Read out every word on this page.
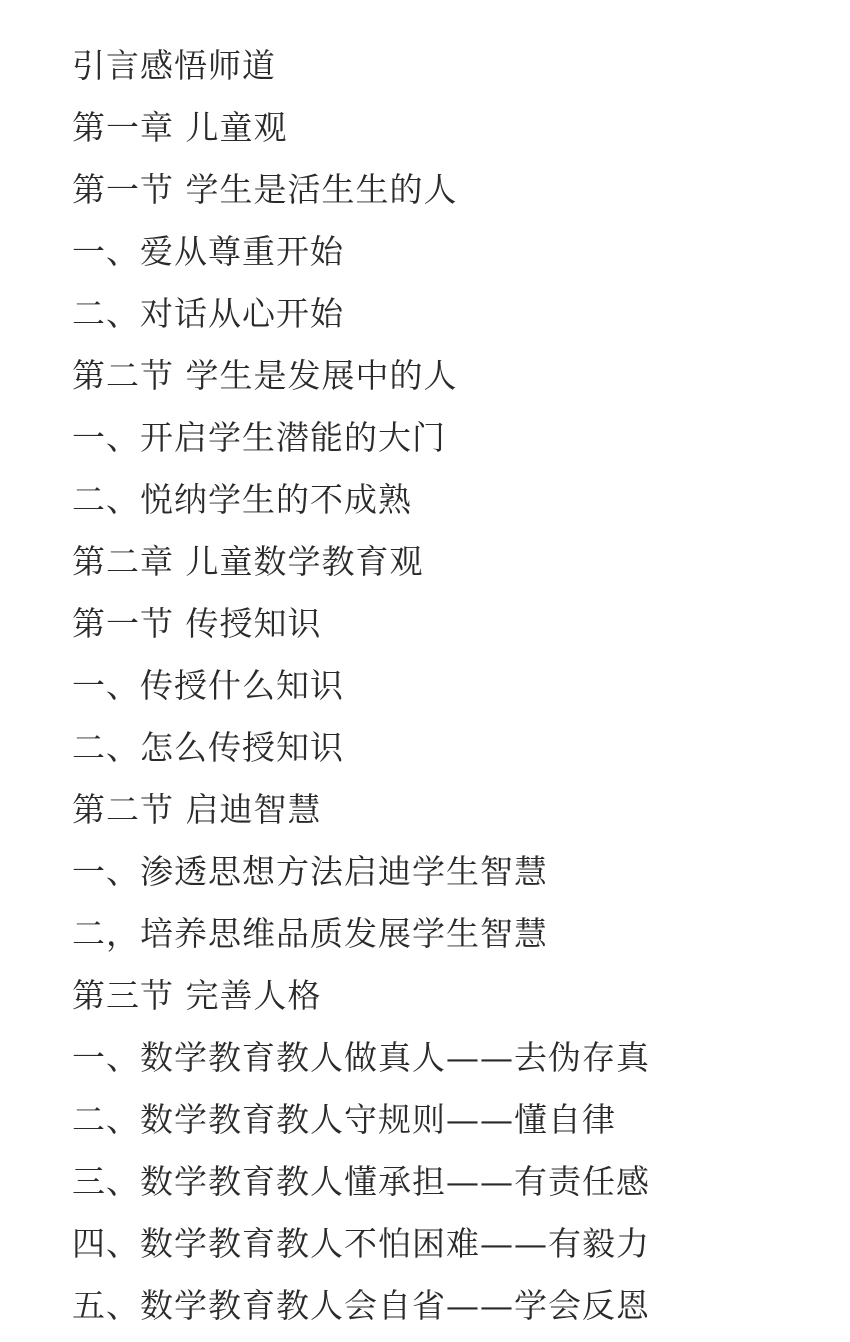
引言感悟师道
第一章 儿童观
第一节 学生是活生生的人
一、爱从尊重开始
二、对话从心开始
第二节 学生是发展中的人
一、开启学生潜能的大门
二、悦纳学生的不成熟
第二章 儿童数学教育观
第一节 传授知识
一、传授什么知识
二、怎么传授知识
第二节 启迪智慧
一、渗透思想方法启迪学生智慧
二，培养思维品质发展学生智慧
第三节 完善人格
一、数学教育教人做真人——去伪存真
二、数学教育教人守规则——懂自律
三、数学教育教人懂承担——有责任感
四、数学教育教人不怕困难——有毅力
五、数学教育教人会自省——学会反恩
